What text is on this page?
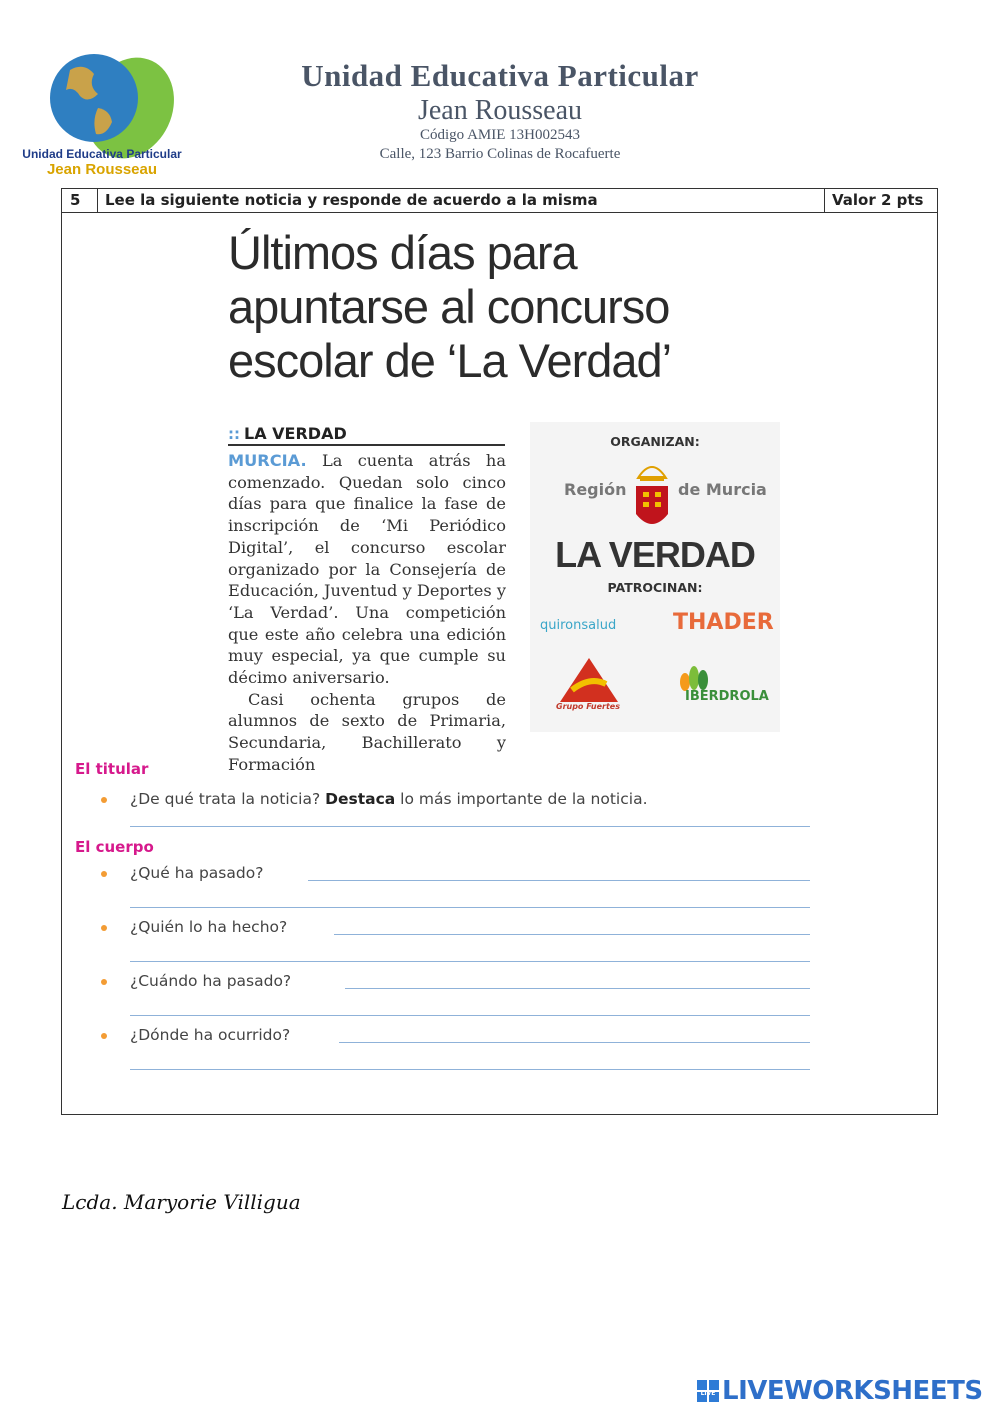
Unidad Educativa Particular
Jean Rousseau
Unidad Educativa Particular
Jean Rousseau
Código AMIE 13H002543
Calle, 123 Barrio Colinas de Rocafuerte
5	Lee la siguiente noticia y responde de acuerdo a la misma	Valor 2 pts
Últimos días para
apuntarse al concurso
escolar de ‘La Verdad’
:: LA VERDAD

MURCIA. La cuenta atrás ha comenzado. Quedan solo cinco días para que finalice la fase de inscripción de ‘Mi Periódico Digital’, el concurso escolar organizado por la Consejería de Educación, Juventud y Deportes y ‘La Verdad’. Una competición que este año celebra una edición muy especial, ya que cumple su décimo aniversario.

Casi ochenta grupos de alumnos de sexto de Primaria, Secundaria, Bachillerato y Formación

ORGANIZAN:
Región	de Murcia
LA VERDAD
PATROCINAN:
quironsalud	THADER
Grupo Fuertes
IBERDROLA
El titular
¿De qué trata la noticia? Destaca lo más importante de la noticia.
El cuerpo
¿Qué ha pasado?
¿Quién lo ha hecho?
¿Cuándo ha pasado?
¿Dónde ha ocurrido?
Lcda. Maryorie Villigua
LIVE LIVEWORKSHEETS
